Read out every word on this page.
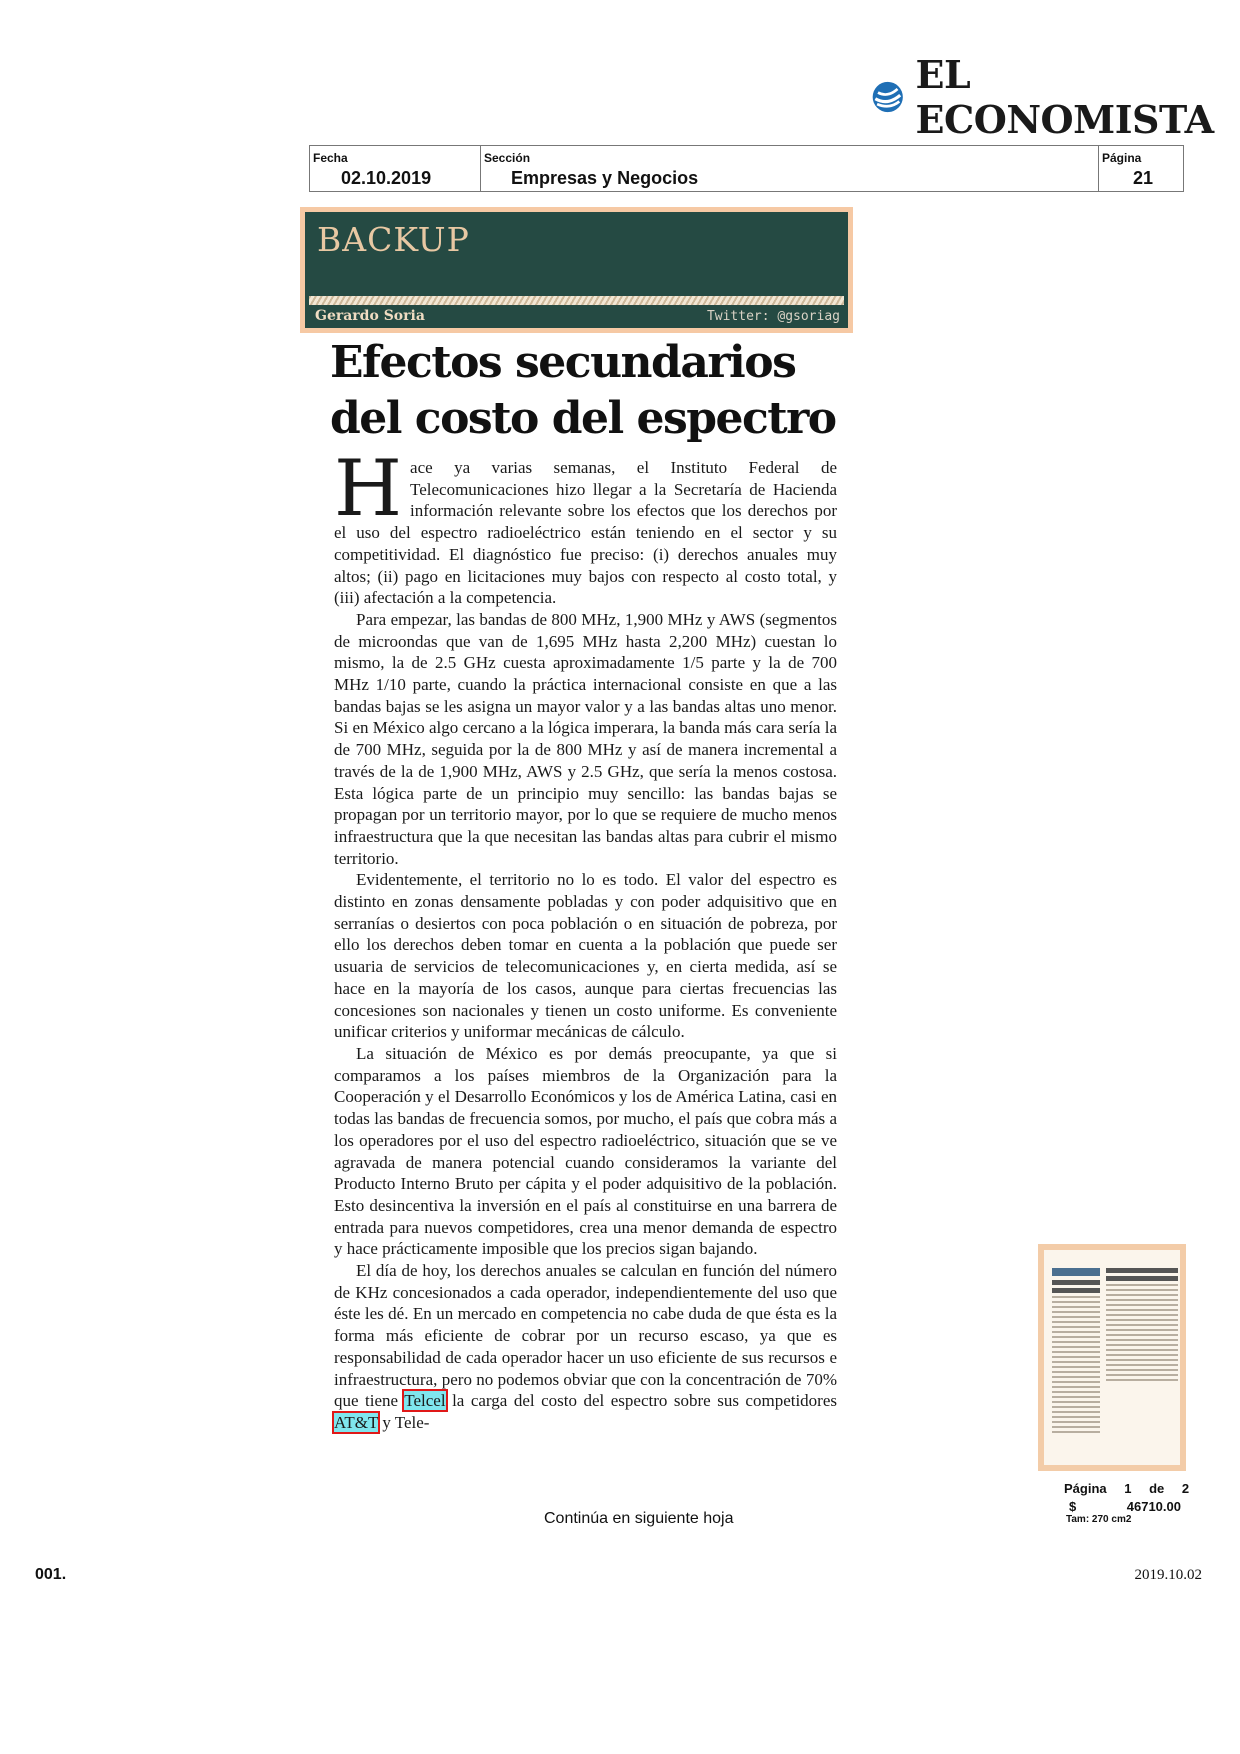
EL ECONOMISTA
Fecha
02.10.2019
Sección
Empresas y Negocios
Página
21
BACKUP
Gerardo Soria	Twitter: @gsoriag
Efectos secundarios
del costo del espectro

Hace ya varias semanas, el Instituto Federal de Telecomunicaciones hizo llegar a la Secretaría de Hacienda información relevante sobre los efectos que los derechos por el uso del espectro radioeléctrico están teniendo en el sector y su competitividad. El diagnóstico fue preciso: (i) derechos anuales muy altos; (ii) pago en licitaciones muy bajos con respecto al costo total, y (iii) afectación a la competencia.

Para empezar, las bandas de 800 MHz, 1,900 MHz y AWS (segmentos de microondas que van de 1,695 MHz hasta 2,200 MHz) cuestan lo mismo, la de 2.5 GHz cuesta aproximadamente 1/5 parte y la de 700 MHz 1/10 parte, cuando la práctica internacional consiste en que a las bandas bajas se les asigna un mayor valor y a las bandas altas uno menor. Si en México algo cercano a la lógica imperara, la banda más cara sería la de 700 MHz, seguida por la de 800 MHz y así de manera incremental a través de la de 1,900 MHz, AWS y 2.5 GHz, que sería la menos costosa. Esta lógica parte de un principio muy sencillo: las bandas bajas se propagan por un territorio mayor, por lo que se requiere de mucho menos infraestructura que la que necesitan las bandas altas para cubrir el mismo territorio.

Evidentemente, el territorio no lo es todo. El valor del espectro es distinto en zonas densamente pobladas y con poder adquisitivo que en serranías o desiertos con poca población o en situación de pobreza, por ello los derechos deben tomar en cuenta a la población que puede ser usuaria de servicios de telecomunicaciones y, en cierta medida, así se hace en la mayoría de los casos, aunque para ciertas frecuencias las concesiones son nacionales y tienen un costo uniforme. Es conveniente unificar criterios y uniformar mecánicas de cálculo.

La situación de México es por demás preocupante, ya que si comparamos a los países miembros de la Organización para la Cooperación y el Desarrollo Económicos y los de América Latina, casi en todas las bandas de frecuencia somos, por mucho, el país que cobra más a los operadores por el uso del espectro radioeléctrico, situación que se ve agravada de manera potencial cuando consideramos la variante del Producto Interno Bruto per cápita y el poder adquisitivo de la población. Esto desincentiva la inversión en el país al constituirse en una barrera de entrada para nuevos competidores, crea una menor demanda de espectro y hace prácticamente imposible que los precios sigan bajando.

El día de hoy, los derechos anuales se calculan en función del número de KHz concesionados a cada operador, independientemente del uso que éste les dé. En un mercado en competencia no cabe duda de que ésta es la forma más eficiente de cobrar por un recurso escaso, ya que es responsabilidad de cada operador hacer un uso eficiente de sus recursos e infraestructura, pero no podemos obviar que con la concentración de 70% que tiene Telcel la carga del costo del espectro sobre sus competidores AT&T y Tele-

Continúa en siguiente hoja
Página 1 de 2
$	46710.00
Tam: 270 cm2
001.	2019.10.02
